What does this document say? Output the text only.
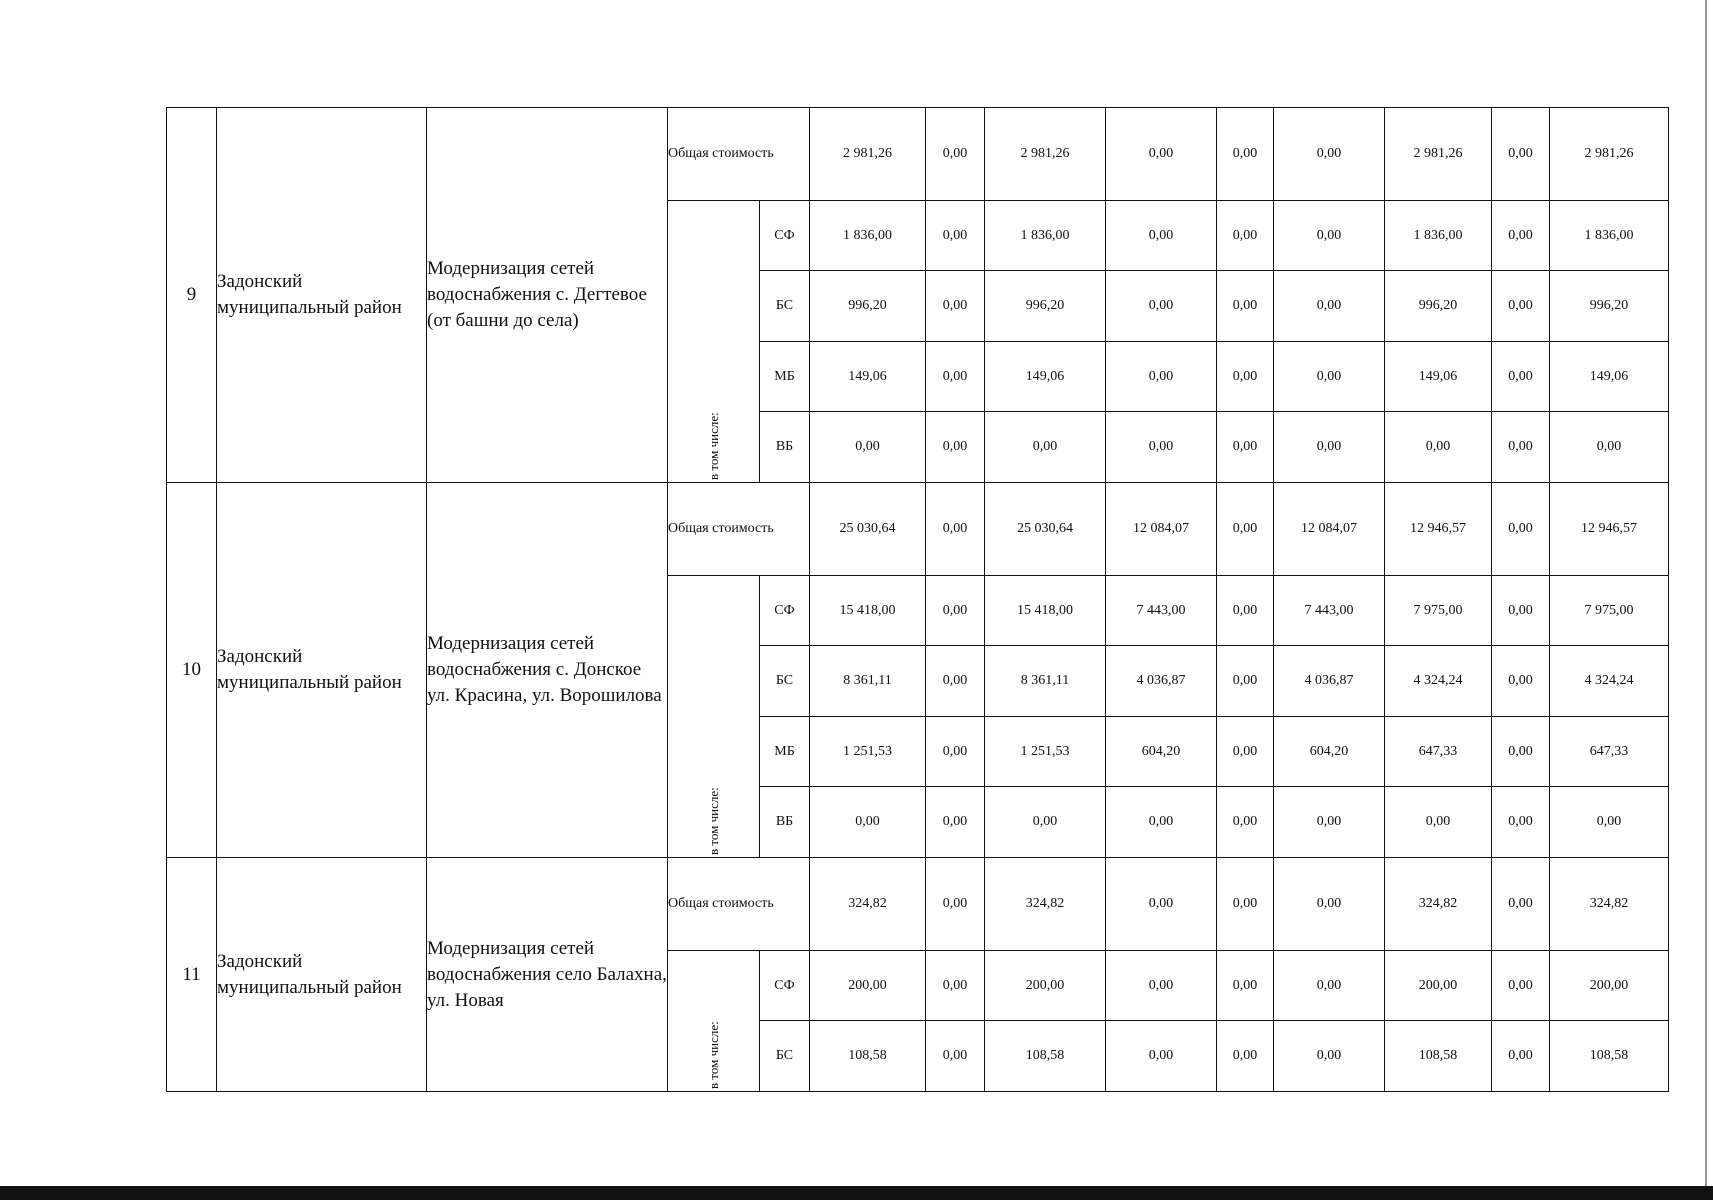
9	Задонский муниципальный район	Модернизация сетей водоснабжения с. Дегтевое (от башни до села)	Общая стоимость		2 981,26	0,00	2 981,26	0,00	0,00	0,00	2 981,26	0,00	2 981,26

			в том числе:	СФ	1 836,00	0,00	1 836,00	0,00	0,00	0,00	1 836,00	0,00	1 836,00
				БС	996,20	0,00	996,20	0,00	0,00	0,00	996,20	0,00	996,20
				МБ	149,06	0,00	149,06	0,00	0,00	0,00	149,06	0,00	149,06
				ВБ	0,00	0,00	0,00	0,00	0,00	0,00	0,00	0,00	0,00
10	Задонский муниципальный район	Модернизация сетей водоснабжения с. Донское ул. Красина, ул. Ворошилова	Общая стоимость		25 030,64	0,00	25 030,64	12 084,07	0,00	12 084,07	12 946,57	0,00	12 946,57

			в том числе:	СФ	15 418,00	0,00	15 418,00	7 443,00	0,00	7 443,00	7 975,00	0,00	7 975,00
				БС	8 361,11	0,00	8 361,11	4 036,87	0,00	4 036,87	4 324,24	0,00	4 324,24
				МБ	1 251,53	0,00	1 251,53	604,20	0,00	604,20	647,33	0,00	647,33
				ВБ	0,00	0,00	0,00	0,00	0,00	0,00	0,00	0,00	0,00
11	Задонский муниципальный район	Модернизация сетей водоснабжения село Балахна, ул. Новая	Общая стоимость		324,82	0,00	324,82	0,00	0,00	0,00	324,82	0,00	324,82

			в том числе:	СФ	200,00	0,00	200,00	0,00	0,00	0,00	200,00	0,00	200,00
				БС	108,58	0,00	108,58	0,00	0,00	0,00	108,58	0,00	108,58
